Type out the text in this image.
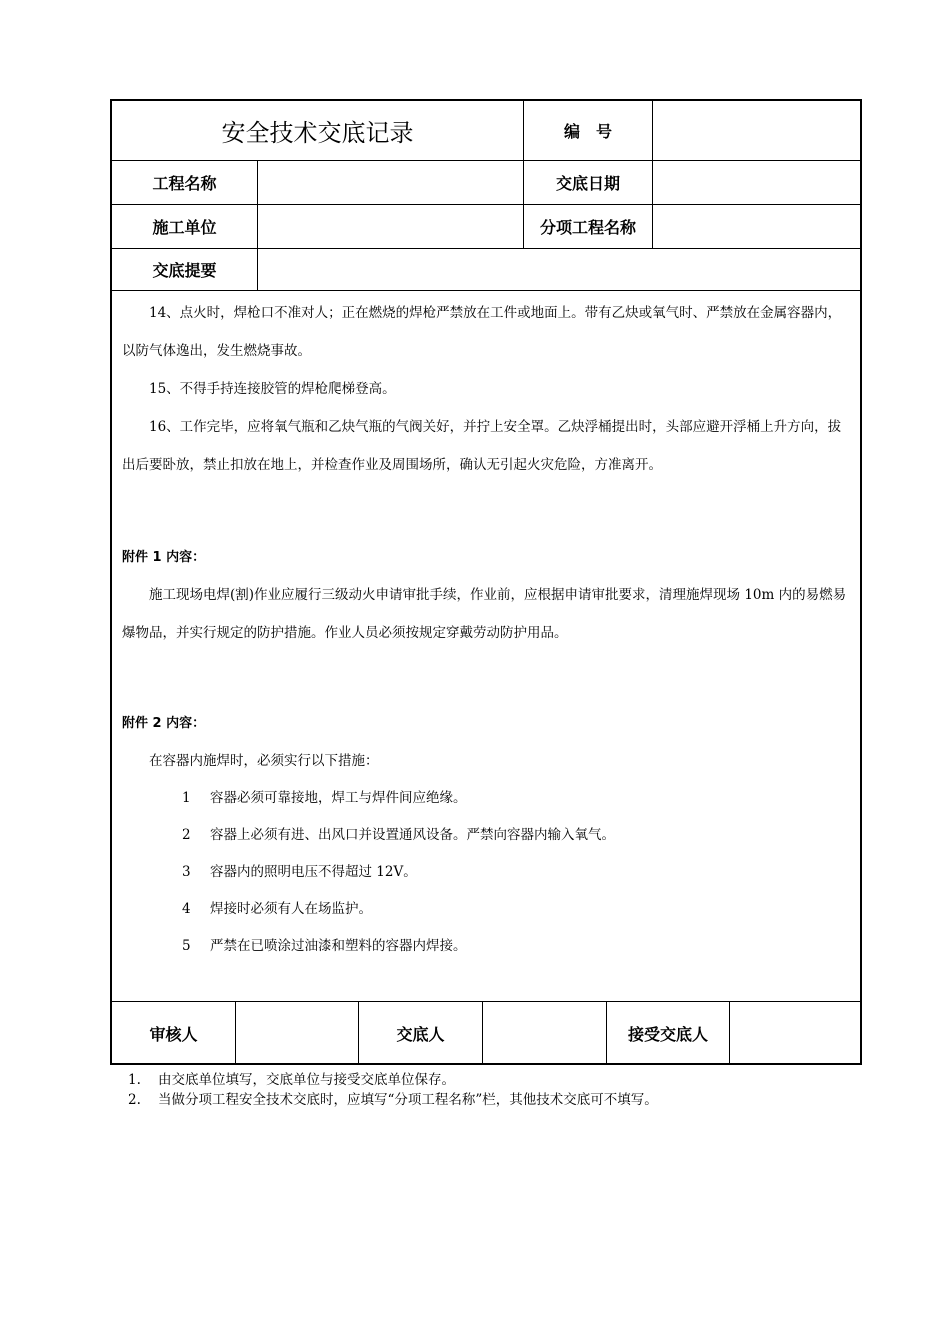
安全技术交底记录	编　号
工程名称	交底日期
施工单位	分项工程名称
交底提要

14、点火时，焊枪口不准对人；正在燃烧的焊枪严禁放在工件或地面上。带有乙炔或氧气时、严禁放在金属容器内，以防气体逸出，发生燃烧事故。

15、不得手持连接胶管的焊枪爬梯登高。

16、工作完毕，应将氧气瓶和乙炔气瓶的气阀关好，并拧上安全罩。乙炔浮桶提出时，头部应避开浮桶上升方向，拔出后要卧放，禁止扣放在地上，并检查作业及周围场所，确认无引起火灾危险，方准离开。

附件 1 内容：

施工现场电焊(割)作业应履行三级动火申请审批手续，作业前，应根据申请审批要求，清理施焊现场 10m 内的易燃易爆物品，并实行规定的防护措施。作业人员必须按规定穿戴劳动防护用品。

附件 2 内容：

在容器内施焊时，必须实行以下措施：

1 容器必须可靠接地，焊工与焊件间应绝缘。
2 容器上必须有进、出风口并设置通风设备。严禁向容器内输入氧气。
3 容器内的照明电压不得超过 12V。
4 焊接时必须有人在场监护。
5 严禁在已喷涂过油漆和塑料的容器内焊接。
审核人	交底人	接受交底人
1. 由交底单位填写，交底单位与接受交底单位保存。
2. 当做分项工程安全技术交底时，应填写“分项工程名称”栏，其他技术交底可不填写。
